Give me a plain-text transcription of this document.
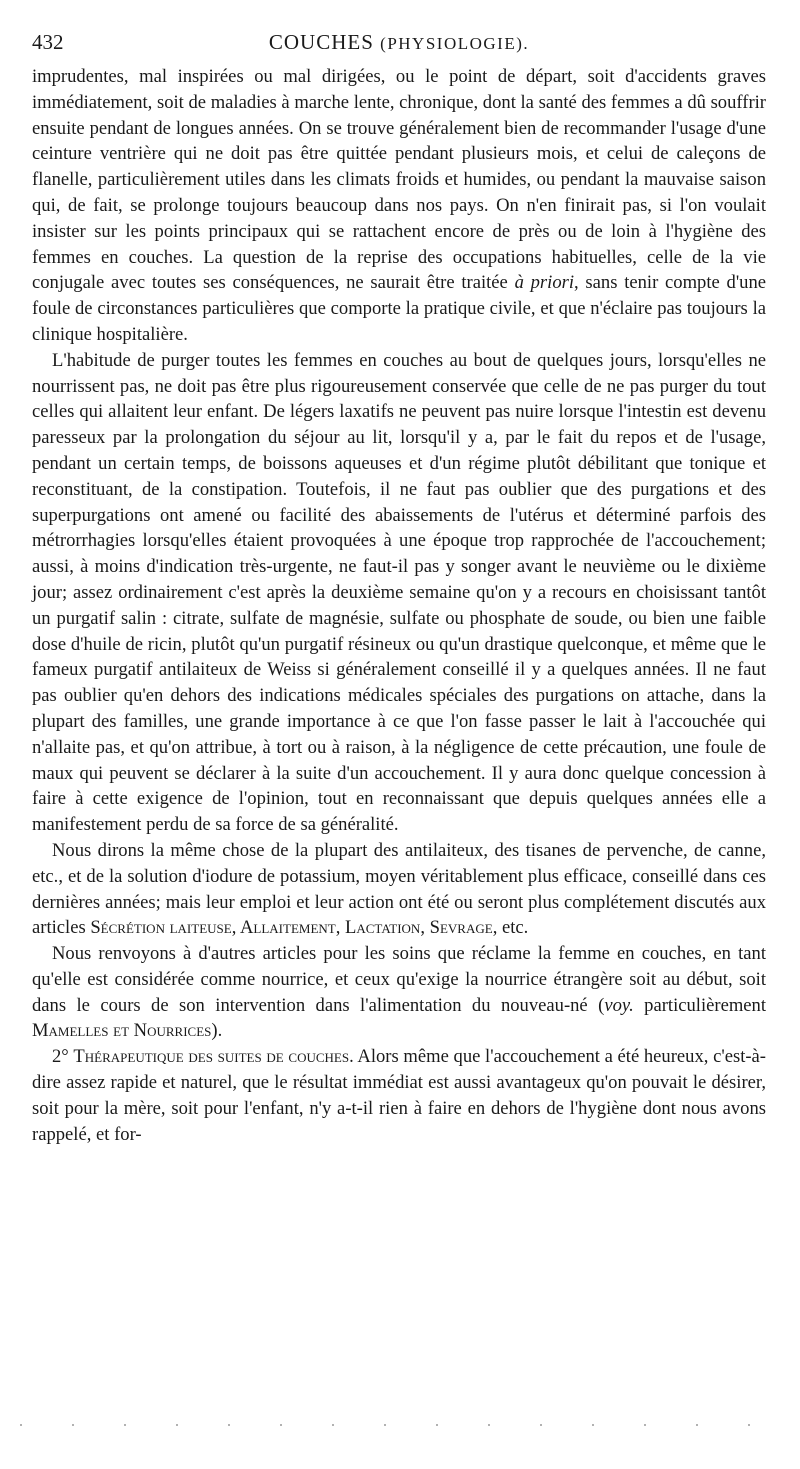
432	COUCHES (PHYSIOLOGIE).

imprudentes, mal inspirées ou mal dirigées, ou le point de départ, soit d'accidents graves immédiatement, soit de maladies à marche lente, chronique, dont la santé des femmes a dû souffrir ensuite pendant de longues années. On se trouve généralement bien de recommander l'usage d'une ceinture ventrière qui ne doit pas être quittée pendant plusieurs mois, et celui de caleçons de flanelle, particulièrement utiles dans les climats froids et humides, ou pendant la mauvaise saison qui, de fait, se prolonge toujours beaucoup dans nos pays. On n'en finirait pas, si l'on voulait insister sur les points principaux qui se rattachent encore de près ou de loin à l'hygiène des femmes en couches. La question de la reprise des occupations habituelles, celle de la vie conjugale avec toutes ses conséquences, ne saurait être traitée à priori, sans tenir compte d'une foule de circonstances particulières que comporte la pratique civile, et que n'éclaire pas toujours la clinique hospitalière.

L'habitude de purger toutes les femmes en couches au bout de quelques jours, lorsqu'elles ne nourrissent pas, ne doit pas être plus rigoureusement conservée que celle de ne pas purger du tout celles qui allaitent leur enfant. De légers laxatifs ne peuvent pas nuire lorsque l'intestin est devenu paresseux par la prolongation du séjour au lit, lorsqu'il y a, par le fait du repos et de l'usage, pendant un certain temps, de boissons aqueuses et d'un régime plutôt débilitant que tonique et reconstituant, de la constipation. Toutefois, il ne faut pas oublier que des purgations et des superpurgations ont amené ou facilité des abaissements de l'utérus et déterminé parfois des métrorrhagies lorsqu'elles étaient provoquées à une époque trop rapprochée de l'accouchement; aussi, à moins d'indication très-urgente, ne faut-il pas y songer avant le neuvième ou le dixième jour; assez ordinairement c'est après la deuxième semaine qu'on y a recours en choisissant tantôt un purgatif salin : citrate, sulfate de magnésie, sulfate ou phosphate de soude, ou bien une faible dose d'huile de ricin, plutôt qu'un purgatif résineux ou qu'un drastique quelconque, et même que le fameux purgatif antilaiteux de Weiss si généralement conseillé il y a quelques années. Il ne faut pas oublier qu'en dehors des indications médicales spéciales des purgations on attache, dans la plupart des familles, une grande importance à ce que l'on fasse passer le lait à l'accouchée qui n'allaite pas, et qu'on attribue, à tort ou à raison, à la négligence de cette précaution, une foule de maux qui peuvent se déclarer à la suite d'un accouchement. Il y aura donc quelque concession à faire à cette exigence de l'opinion, tout en reconnaissant que depuis quelques années elle a manifestement perdu de sa force de sa généralité.

Nous dirons la même chose de la plupart des antilaiteux, des tisanes de pervenche, de canne, etc., et de la solution d'iodure de potassium, moyen véritablement plus efficace, conseillé dans ces dernières années; mais leur emploi et leur action ont été ou seront plus complétement discutés aux articles Sécrétion laiteuse, Allaitement, Lactation, Sevrage, etc.

Nous renvoyons à d'autres articles pour les soins que réclame la femme en couches, en tant qu'elle est considérée comme nourrice, et ceux qu'exige la nourrice étrangère soit au début, soit dans le cours de son intervention dans l'alimentation du nouveau-né (voy. particulièrement Mamelles et Nourrices).

2° Thérapeutique des suites de couches. Alors même que l'accouchement a été heureux, c'est-à-dire assez rapide et naturel, que le résultat immédiat est aussi avantageux qu'on pouvait le désirer, soit pour la mère, soit pour l'enfant, n'y a-t-il rien à faire en dehors de l'hygiène dont nous avons rappelé, et for-
